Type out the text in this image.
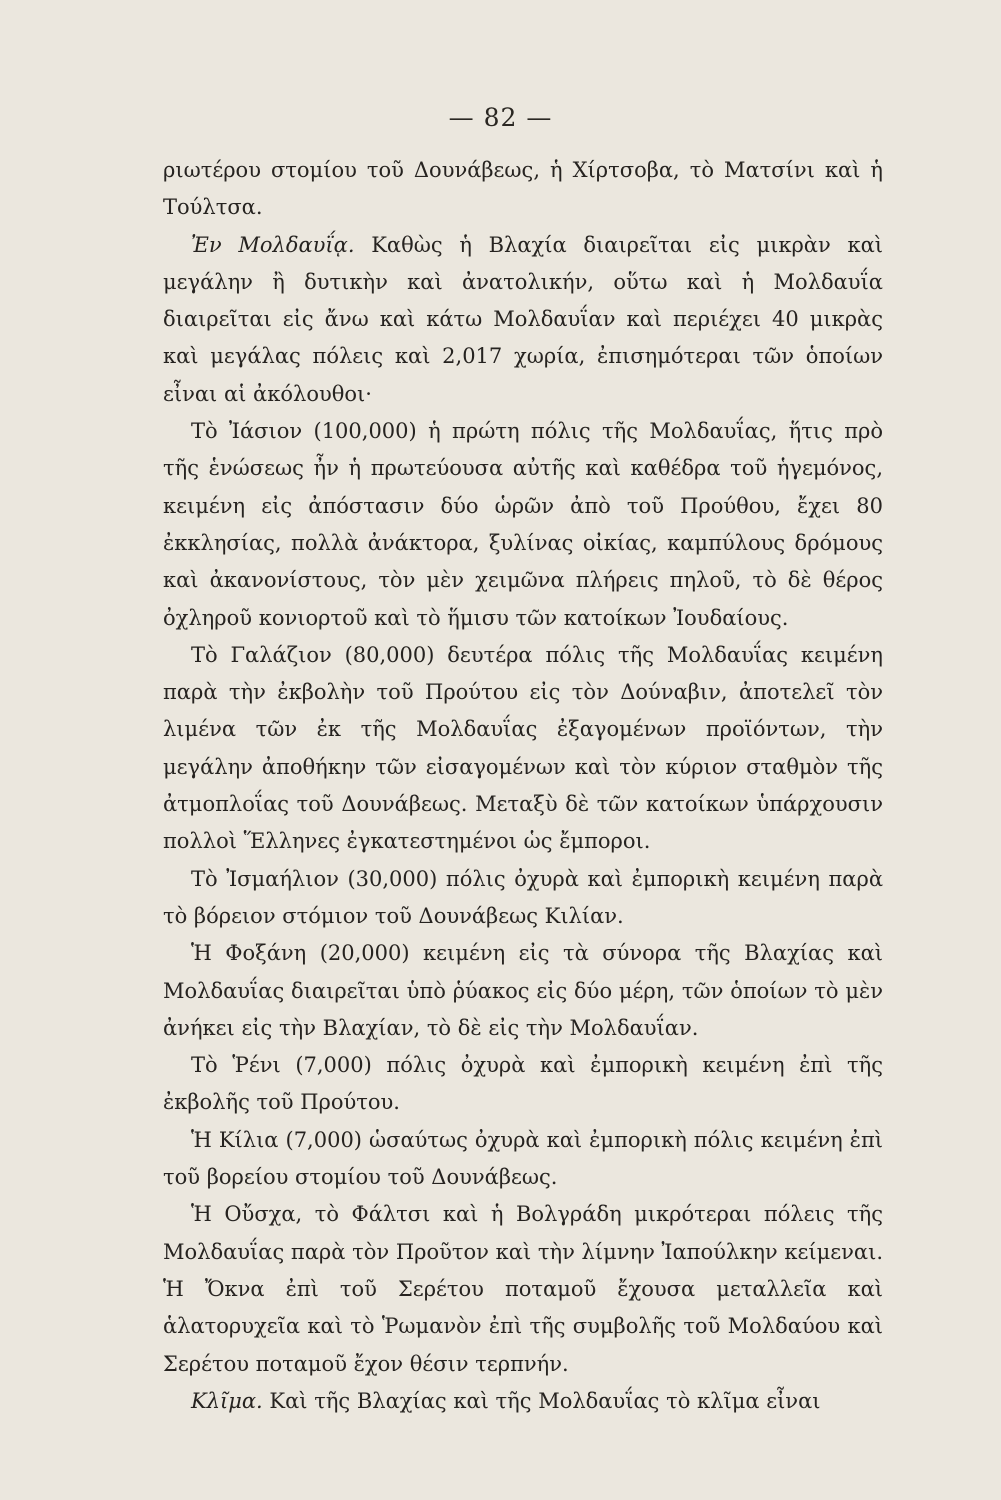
— 82 —

ριωτέρου στομίου τοῦ Δουνάβεως, ἡ Χίρτσοβα, τὸ Ματσίνι καὶ ἡ Τούλτσα.

Ἐν Μολδαυΐᾳ. Καθὼς ἡ Βλαχία διαιρεῖται εἰς μικρὰν καὶ μεγάλην ἢ δυτικὴν καὶ ἀνατολικήν, οὕτω καὶ ἡ Μολδαυΐα διαιρεῖται εἰς ἄνω καὶ κάτω Μολδαυΐαν καὶ περιέχει 40 μικρὰς καὶ μεγάλας πόλεις καὶ 2,017 χωρία, ἐπισημότεραι τῶν ὁποίων εἶναι αἱ ἀκόλουθοι·

Τὸ Ἰάσιον (100,000) ἡ πρώτη πόλις τῆς Μολδαυΐας, ἥτις πρὸ τῆς ἑνώσεως ἦν ἡ πρωτεύουσα αὐτῆς καὶ καθέδρα τοῦ ἡγεμόνος, κειμένη εἰς ἀπόστασιν δύο ὡρῶν ἀπὸ τοῦ Προύθου, ἔχει 80 ἐκκλησίας, πολλὰ ἀνάκτορα, ξυλίνας οἰκίας, καμπύλους δρόμους καὶ ἀκανονίστους, τὸν μὲν χειμῶνα πλήρεις πηλοῦ, τὸ δὲ θέρος ὀχληροῦ κονιορτοῦ καὶ τὸ ἥμισυ τῶν κατοίκων Ἰουδαίους.

Τὸ Γαλάζιον (80,000) δευτέρα πόλις τῆς Μολδαυΐας κειμένη παρὰ τὴν ἐκβολὴν τοῦ Προύτου εἰς τὸν Δούναβιν, ἀποτελεῖ τὸν λιμένα τῶν ἐκ τῆς Μολδαυΐας ἐξαγομένων προϊόντων, τὴν μεγάλην ἀποθήκην τῶν εἰσαγομένων καὶ τὸν κύριον σταθμὸν τῆς ἀτμοπλοΐας τοῦ Δουνάβεως. Μεταξὺ δὲ τῶν κατοίκων ὑπάρχουσιν πολλοὶ Ἕλληνες ἐγκατεστημένοι ὡς ἔμποροι.

Τὸ Ἰσμαήλιον (30,000) πόλις ὀχυρὰ καὶ ἐμπορικὴ κειμένη παρὰ τὸ βόρειον στόμιον τοῦ Δουνάβεως Κιλίαν.

Ἡ Φοξάνη (20,000) κειμένη εἰς τὰ σύνορα τῆς Βλαχίας καὶ Μολδαυΐας διαιρεῖται ὑπὸ ῥύακος εἰς δύο μέρη, τῶν ὁποίων τὸ μὲν ἀνήκει εἰς τὴν Βλαχίαν, τὸ δὲ εἰς τὴν Μολδαυΐαν.

Τὸ Ῥένι (7,000) πόλις ὀχυρὰ καὶ ἐμπορικὴ κειμένη ἐπὶ τῆς ἐκβολῆς τοῦ Προύτου.

Ἡ Κίλια (7,000) ὡσαύτως ὀχυρὰ καὶ ἐμπορικὴ πόλις κειμένη ἐπὶ τοῦ βορείου στομίου τοῦ Δουνάβεως.

Ἡ Οὔσχα, τὸ Φάλτσι καὶ ἡ Βολγράδη μικρότεραι πόλεις τῆς Μολδαυΐας παρὰ τὸν Προῦτον καὶ τὴν λίμνην Ἰαπούλκην κείμεναι. Ἡ Ὄκνα ἐπὶ τοῦ Σερέτου ποταμοῦ ἔχουσα μεταλλεῖα καὶ ἁλατορυχεῖα καὶ τὸ Ῥωμανὸν ἐπὶ τῆς συμβολῆς τοῦ Μολδαύου καὶ Σερέτου ποταμοῦ ἔχον θέσιν τερπνήν.

Κλῖμα. Καὶ τῆς Βλαχίας καὶ τῆς Μολδαυΐας τὸ κλῖμα εἶναι
